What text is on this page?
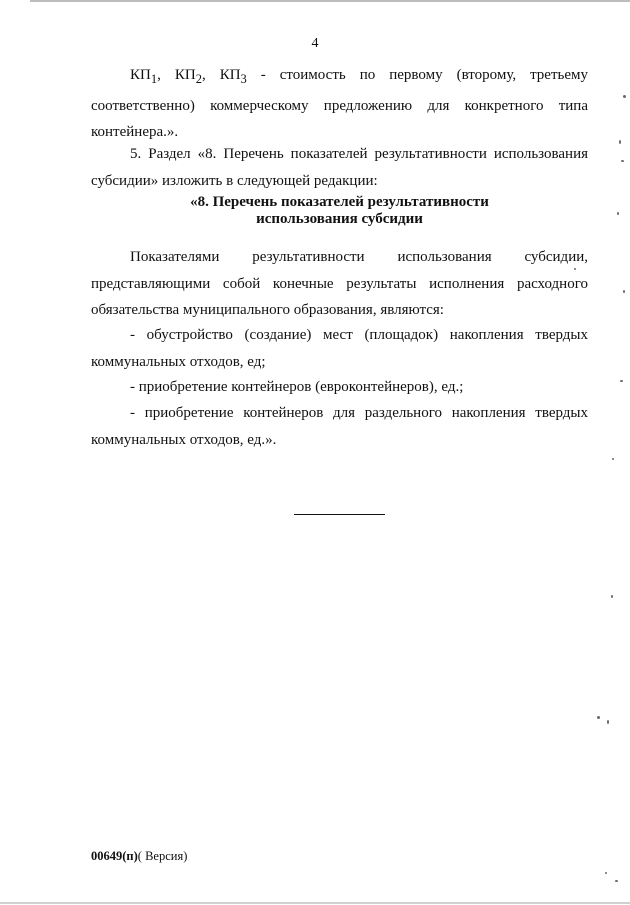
4

$КП_1$, $КП_2$, $КП_3$ - стоимость по первому (второму, третьему соответственно) коммерческому предложению для конкретного типа контейнера.».

5. Раздел «8. Перечень показателей результативности использования субсидии» изложить в следующей редакции:

«8. Перечень показателей результативности
использования субсидии

Показателями результативности использования субсидии, представляющими собой конечные результаты исполнения расходного обязательства муниципального образования, являются:

- обустройство (создание) мест (площадок) накопления твердых коммунальных отходов, ед;

- приобретение контейнеров (евроконтейнеров), ед.;

- приобретение контейнеров для раздельного накопления твердых коммунальных отходов, ед.».

00649(п)( Версия)
